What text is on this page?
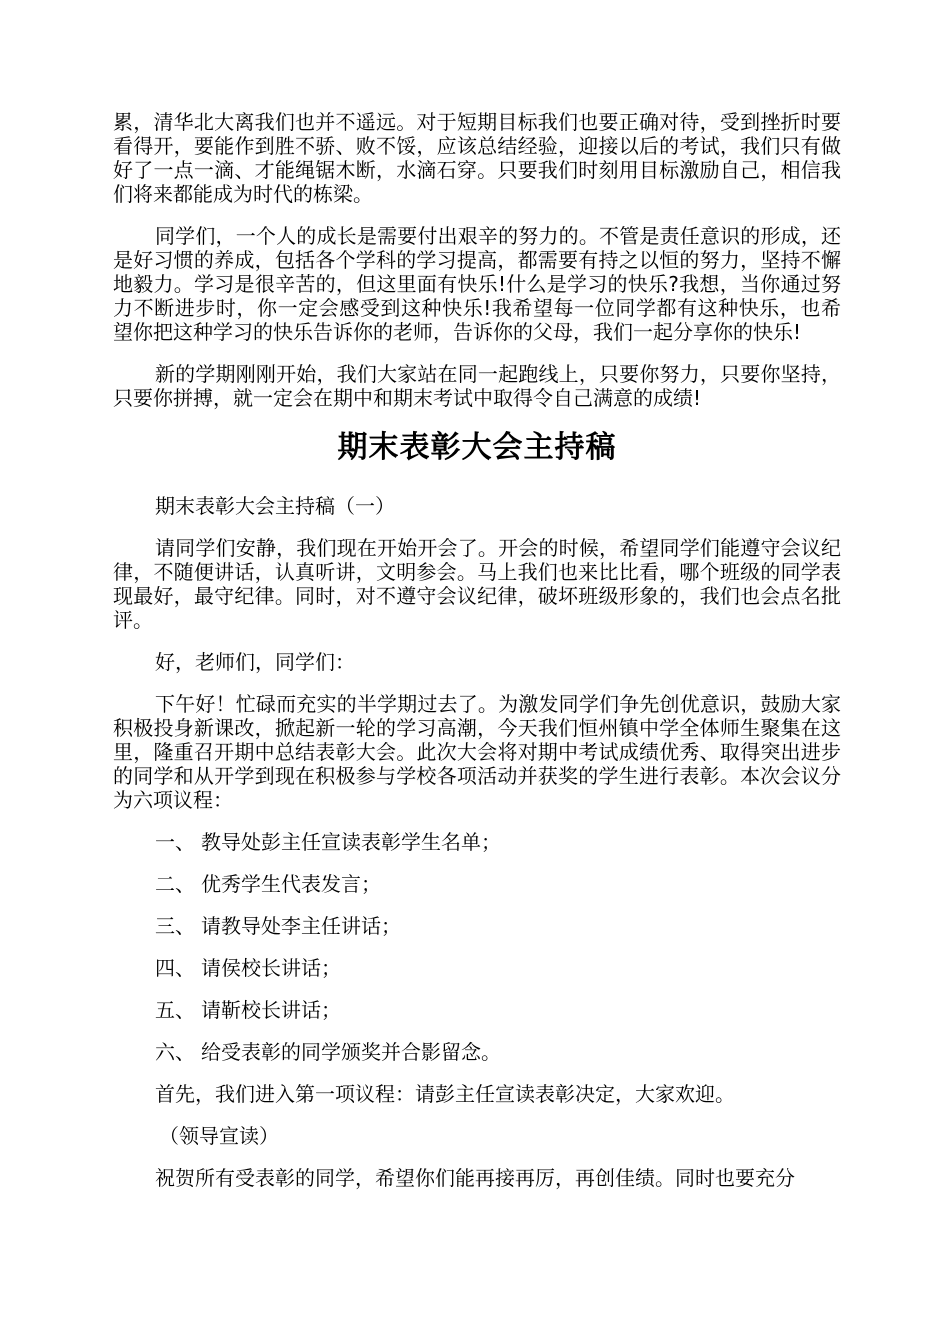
累，清华北大离我们也并不遥远。对于短期目标我们也要正确对待，受到挫折时要看得开，要能作到胜不骄、败不馁，应该总结经验，迎接以后的考试，我们只有做好了一点一滴、才能绳锯木断，水滴石穿。只要我们时刻用目标激励自己，相信我们将来都能成为时代的栋梁。

同学们，一个人的成长是需要付出艰辛的努力的。不管是责任意识的形成，还是好习惯的养成，包括各个学科的学习提高，都需要有持之以恒的努力，坚持不懈地毅力。学习是很辛苦的，但这里面有快乐!什么是学习的快乐?我想，当你通过努力不断进步时，你一定会感受到这种快乐!我希望每一位同学都有这种快乐，也希望你把这种学习的快乐告诉你的老师，告诉你的父母，我们一起分享你的快乐!

新的学期刚刚开始，我们大家站在同一起跑线上，只要你努力，只要你坚持，只要你拼搏，就一定会在期中和期末考试中取得令自己满意的成绩!

期末表彰大会主持稿

期末表彰大会主持稿（一）

请同学们安静，我们现在开始开会了。开会的时候，希望同学们能遵守会议纪律，不随便讲话，认真听讲，文明参会。马上我们也来比比看，哪个班级的同学表现最好，最守纪律。同时，对不遵守会议纪律，破坏班级形象的，我们也会点名批评。

好，老师们，同学们：

下午好！忙碌而充实的半学期过去了。为激发同学们争先创优意识，鼓励大家积极投身新课改，掀起新一轮的学习高潮，今天我们恒州镇中学全体师生聚集在这里，隆重召开期中总结表彰大会。此次大会将对期中考试成绩优秀、取得突出进步的同学和从开学到现在积极参与学校各项活动并获奖的学生进行表彰。本次会议分为六项议程：

一、 教导处彭主任宣读表彰学生名单；

二、 优秀学生代表发言；

三、 请教导处李主任讲话；

四、 请侯校长讲话；

五、 请靳校长讲话；

六、 给受表彰的同学颁奖并合影留念。

首先，我们进入第一项议程：请彭主任宣读表彰决定，大家欢迎。

（领导宣读）

祝贺所有受表彰的同学，希望你们能再接再厉，再创佳绩。同时也要充分
